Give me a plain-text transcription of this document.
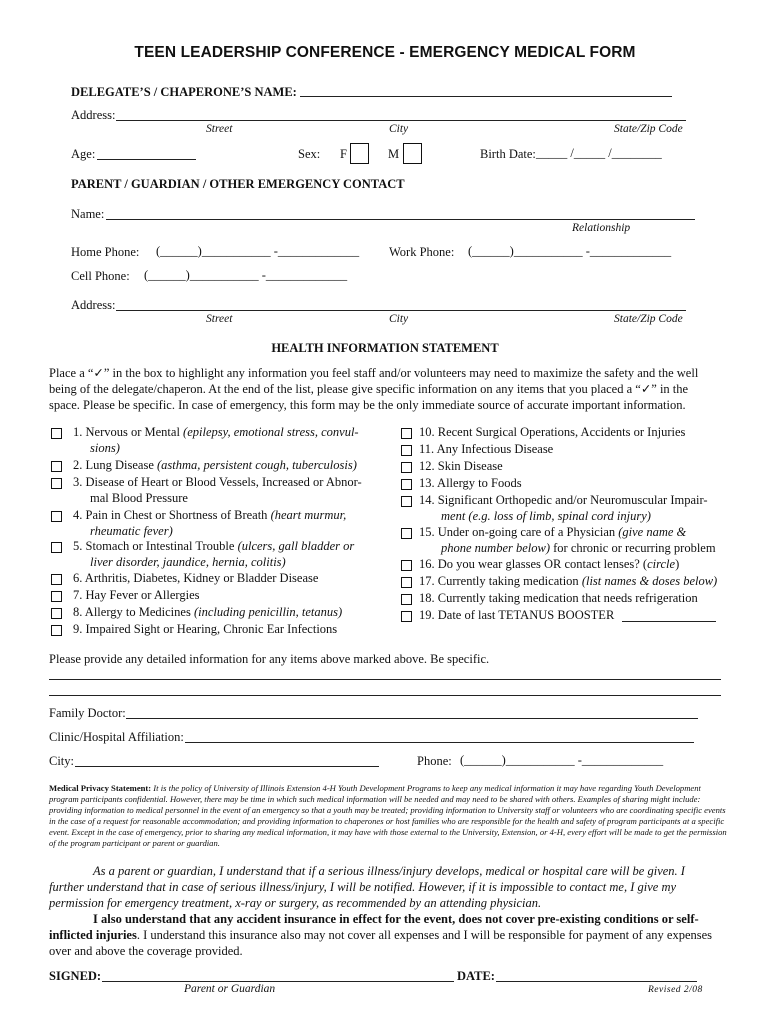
TEEN LEADERSHIP CONFERENCE - EMERGENCY MEDICAL FORM
DELEGATE’S / CHAPERONE’S NAME:
Address:
Street	City	State/Zip Code
Age:	Sex: F	M	Birth Date: _____ /_____ /________
PARENT / GUARDIAN / OTHER EMERGENCY CONTACT
Name:
Relationship
Home Phone: (______)___________ -_____________ Work Phone: (______)___________ -_____________
Cell Phone: (______)___________ -_____________
Address:
Street	City	State/Zip Code
HEALTH INFORMATION STATEMENT
Place a “✓” in the box to highlight any information you feel staff and/or volunteers may need to maximize the safety and the well being of the delegate/chaperon. At the end of the list, please give specific information on any items that you placed a “✓” in the space. Please be specific. In case of emergency, this form may be the only immediate source of accurate important information.
1. Nervous or Mental (epilepsy, emotional stress, convul-
sions)
2. Lung Disease (asthma, persistent cough, tuberculosis)
3. Disease of Heart or Blood Vessels, Increased or Abnor-
mal Blood Pressure
4. Pain in Chest or Shortness of Breath (heart murmur,
rheumatic fever)
5. Stomach or Intestinal Trouble (ulcers, gall bladder or
liver disorder, jaundice, hernia, colitis)
6. Arthritis, Diabetes, Kidney or Bladder Disease
7. Hay Fever or Allergies
8. Allergy to Medicines (including penicillin, tetanus)
9. Impaired Sight or Hearing, Chronic Ear Infections
10. Recent Surgical Operations, Accidents or Injuries
11. Any Infectious Disease
12. Skin Disease
13. Allergy to Foods
14. Significant Orthopedic and/or Neuromuscular Impair-
ment (e.g. loss of limb, spinal cord injury)
15. Under on-going care of a Physician (give name &
phone number below) for chronic or recurring problem
16. Do you wear glasses OR contact lenses? (circle)
17. Currently taking medication (list names & doses below)
18. Currently taking medication that needs refrigeration
19. Date of last TETANUS BOOSTER
Please provide any detailed information for any items above marked above. Be specific.
Family Doctor:
Clinic/Hospital Affiliation:
City:	Phone: (______)___________ -_____________
Medical Privacy Statement: It is the policy of University of Illinois Extension 4-H Youth Development Programs to keep any medical information it may have regarding Youth Development program participants confidential. However, there may be time in which such medical information will be needed and may need to be shared with others. Examples of sharing might include: providing information to medical personnel in the event of an emergency so that a youth may be treated; providing information to University staff or volunteers who are coordinating specific events in the case of a request for reasonable accommodation; and providing information to chaperones or host families who are responsible for the health and safety of program participants at a specific event. Except in the case of emergency, prior to sharing any medical information, it may have with those external to the University, Extension, or 4-H, every effort will be made to get the permission of the program participant or parent or guardian.
As a parent or guardian, I understand that if a serious illness/injury develops, medical or hospital care will be given. I further understand that in case of serious illness/injury, I will be notified. However, if it is impossible to contact me, I give my permission for emergency treatment, x-ray or surgery, as recommended by an attending physician.
I also understand that any accident insurance in effect for the event, does not cover pre-existing conditions or self-inflicted injuries. I understand this insurance also may not cover all expenses and I will be responsible for payment of any expenses over and above the coverage provided.
SIGNED:	DATE:
Parent or Guardian	Revised 2/08
